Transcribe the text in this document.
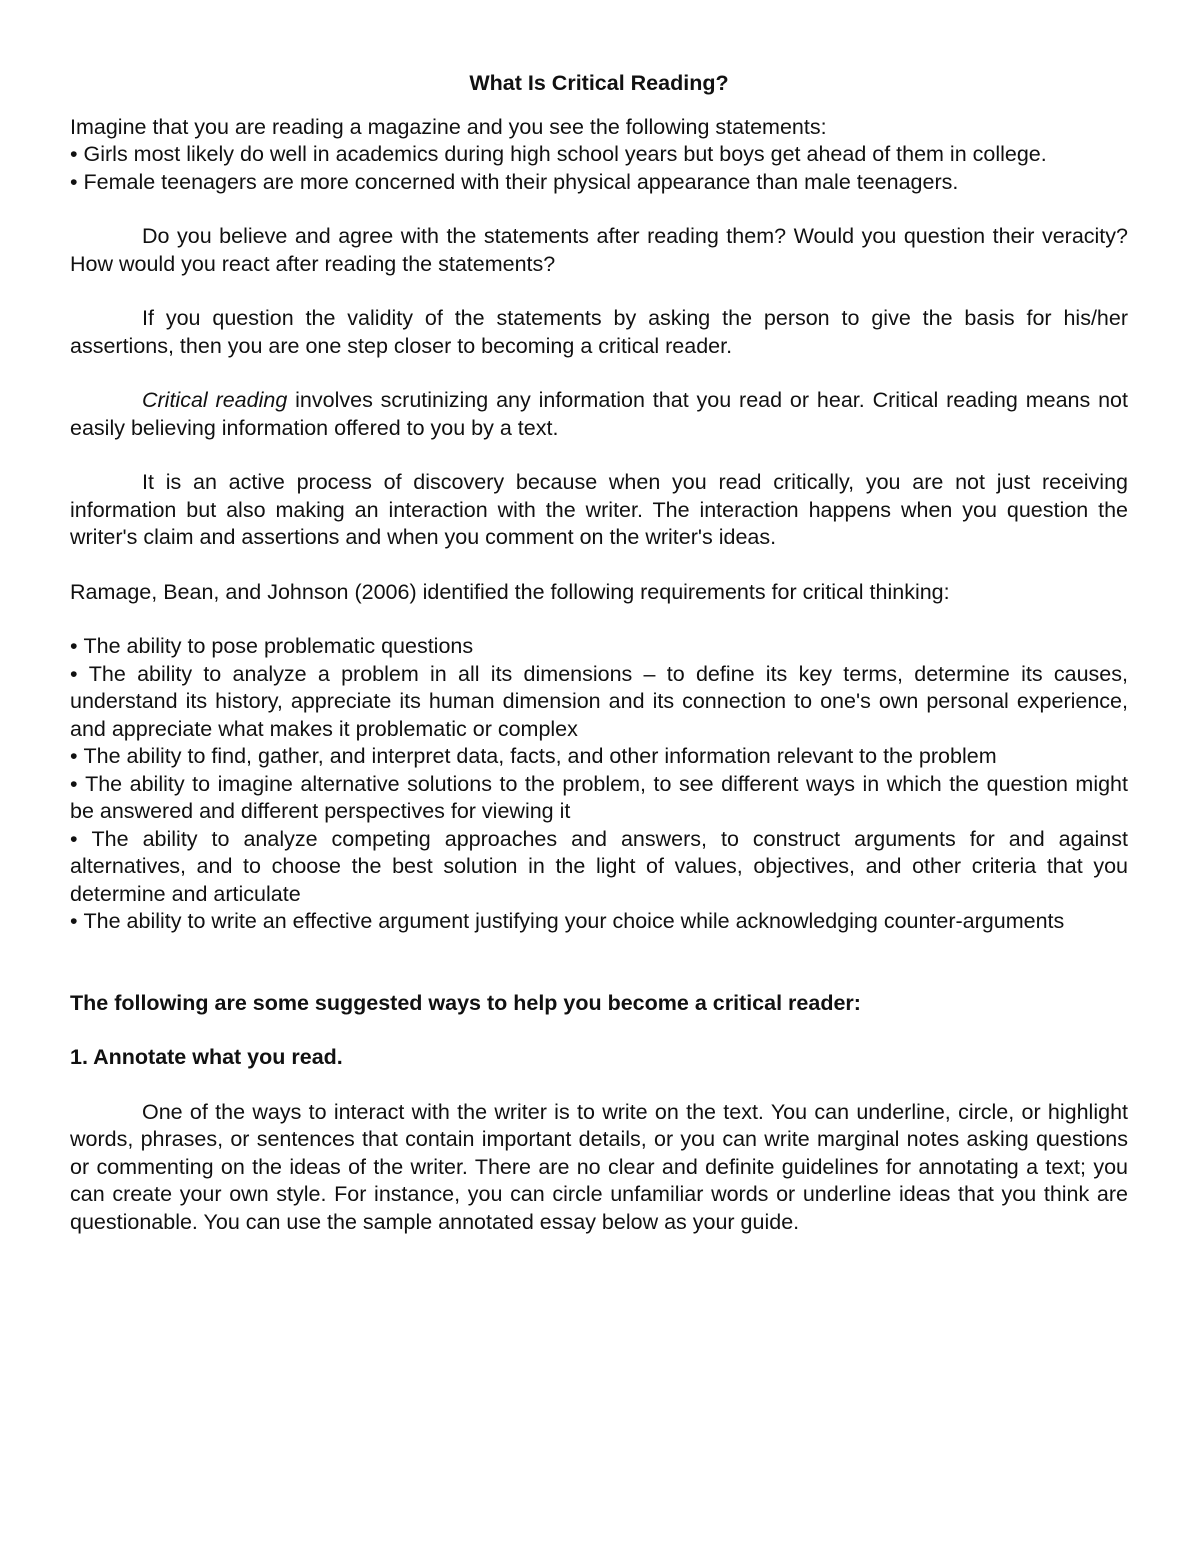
What Is Critical Reading?

Imagine that you are reading a magazine and you see the following statements:

• Girls most likely do well in academics during high school years but boys get ahead of them in college.

• Female teenagers are more concerned with their physical appearance than male teenagers.

Do you believe and agree with the statements after reading them? Would you question their veracity? How would you react after reading the statements?

If you question the validity of the statements by asking the person to give the basis for his/her assertions, then you are one step closer to becoming a critical reader.

Critical reading involves scrutinizing any information that you read or hear. Critical reading means not easily believing information offered to you by a text.

It is an active process of discovery because when you read critically, you are not just receiving information but also making an interaction with the writer. The interaction happens when you question the writer's claim and assertions and when you comment on the writer's ideas.

Ramage, Bean, and Johnson (2006) identified the following requirements for critical thinking:

• The ability to pose problematic questions

• The ability to analyze a problem in all its dimensions – to define its key terms, determine its causes, understand its history, appreciate its human dimension and its connection to one's own personal experience, and appreciate what makes it problematic or complex

• The ability to find, gather, and interpret data, facts, and other information relevant to the problem

• The ability to imagine alternative solutions to the problem, to see different ways in which the question might be answered and different perspectives for viewing it

• The ability to analyze competing approaches and answers, to construct arguments for and against alternatives, and to choose the best solution in the light of values, objectives, and other criteria that you determine and articulate

• The ability to write an effective argument justifying your choice while acknowledging counter-arguments

The following are some suggested ways to help you become a critical reader:

1. Annotate what you read.

One of the ways to interact with the writer is to write on the text. You can underline, circle, or highlight words, phrases, or sentences that contain important details, or you can write marginal notes asking questions or commenting on the ideas of the writer. There are no clear and definite guidelines for annotating a text; you can create your own style. For instance, you can circle unfamiliar words or underline ideas that you think are questionable. You can use the sample annotated essay below as your guide.
